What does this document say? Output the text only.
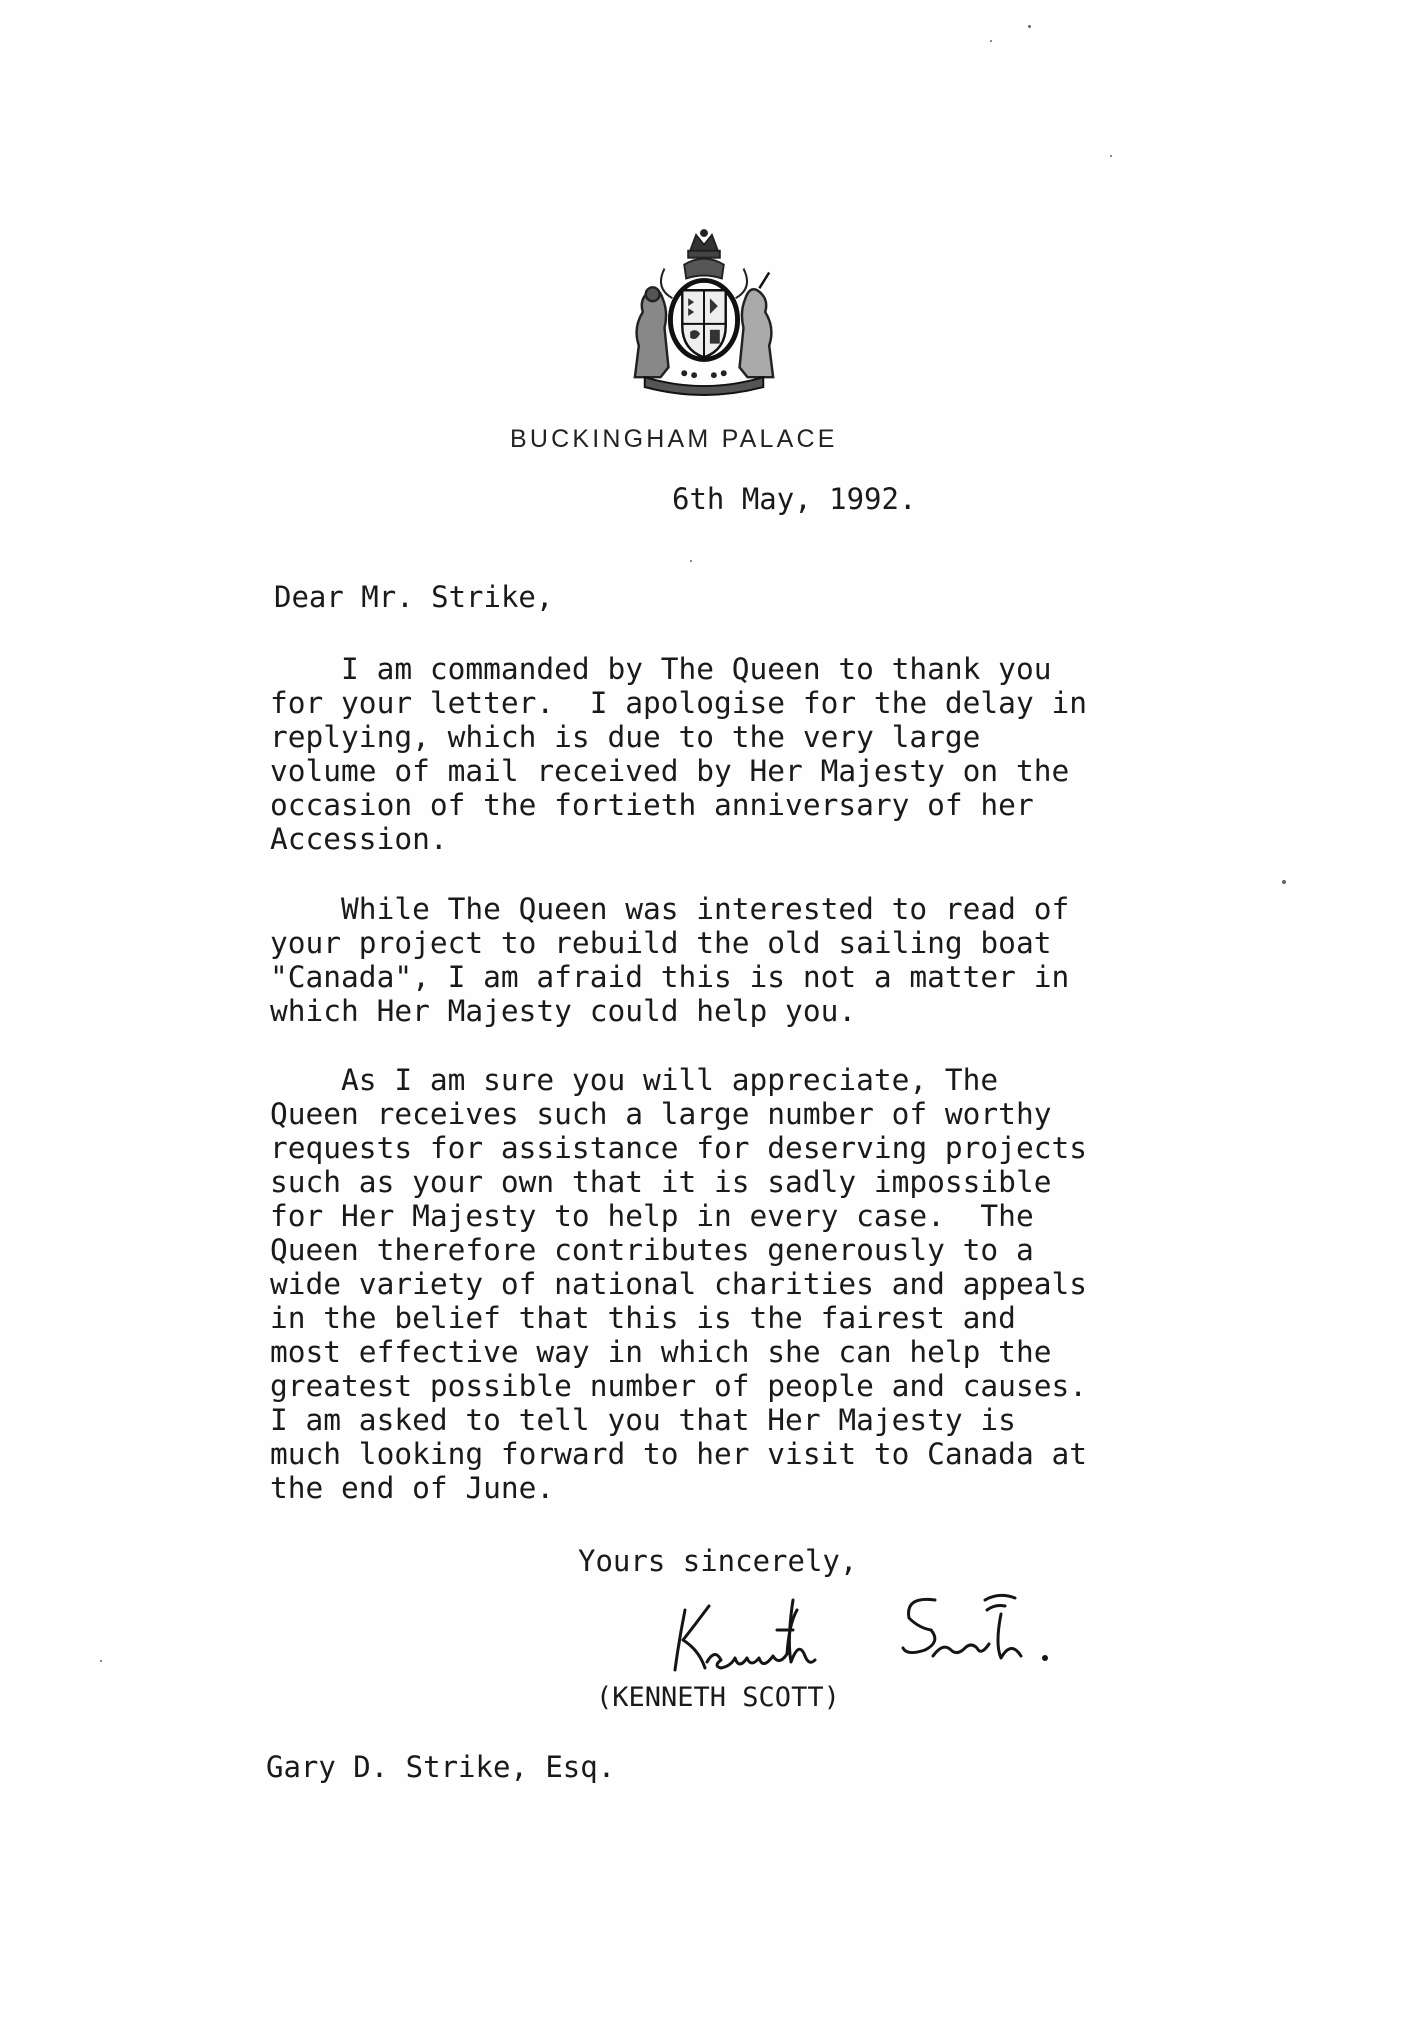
BUCKINGHAM PALACE
6th May, 1992.
Dear Mr. Strike,
I am commanded by The Queen to thank you
for your letter.  I apologise for the delay in
replying, which is due to the very large
volume of mail received by Her Majesty on the
occasion of the fortieth anniversary of her
Accession.
While The Queen was interested to read of
your project to rebuild the old sailing boat
"Canada", I am afraid this is not a matter in
which Her Majesty could help you.
As I am sure you will appreciate, The
Queen receives such a large number of worthy
requests for assistance for deserving projects
such as your own that it is sadly impossible
for Her Majesty to help in every case.  The
Queen therefore contributes generously to a
wide variety of national charities and appeals
in the belief that this is the fairest and
most effective way in which she can help the
greatest possible number of people and causes.
I am asked to tell you that Her Majesty is
much looking forward to her visit to Canada at
the end of June.
Yours sincerely,
(KENNETH SCOTT)
Gary D. Strike, Esq.
